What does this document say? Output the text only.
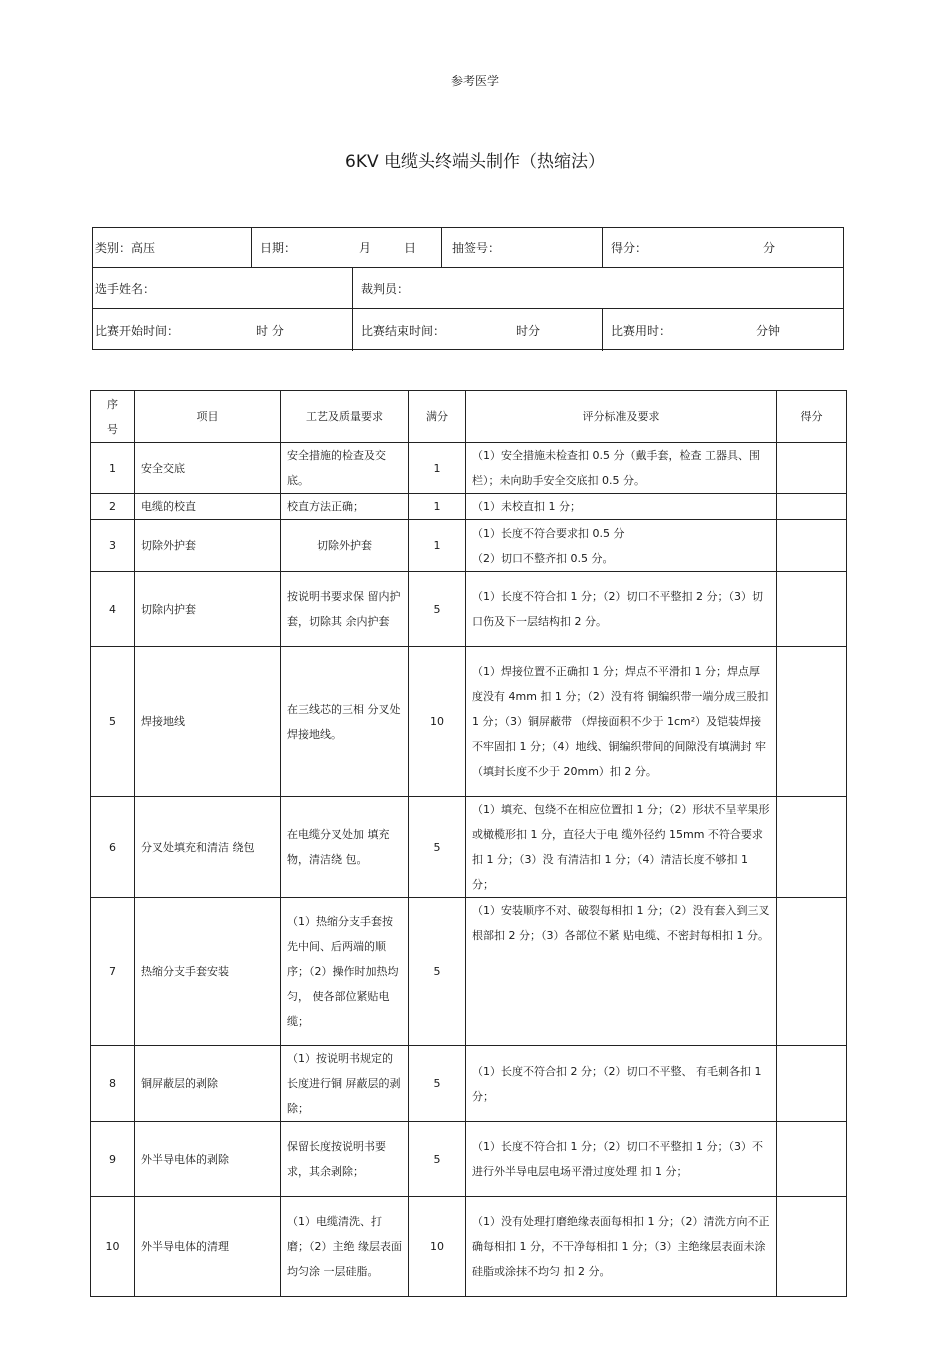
参考医学
6KV 电缆头终端头制作（热缩法）
类别：高压	日期：	月	日	抽签号：	得分：	分
选手姓名：	裁判员：
比赛开始时间：	时 分	比赛结束时间：	时分	比赛用时：	分钟
序号	项目	工艺及质量要求	满分	评分标准及要求	得分
1	安全交底	安全措施的检查及交底。	1	（1）安全措施未检查扣 0.5 分（戴手套，检查 工器具、围栏）；未向助手安全交底扣 0.5 分。	
2	电缆的校直	校直方法正确；	1	（1）未校直扣 1 分；	
3	切除外护套	切除外护套	1	（1）长度不符合要求扣 0.5 分
（2）切口不整齐扣 0.5 分。	
4	切除内护套	按说明书要求保 留内护套，切除其 余内护套	5	（1）长度不符合扣 1 分；（2）切口不平整扣 2 分；（3）切口伤及下一层结构扣 2 分。	
5	焊接地线	在三线芯的三相 分叉处焊接地线。	10	（1）焊接位置不正确扣 1 分；焊点不平滑扣 1 分；焊点厚度没有 4mm 扣 1 分；（2）没有将 铜编织带一端分成三股扣 1 分；（3）铜屏蔽带 （焊接面积不少于 1cm²）及铠装焊接不牢固扣 1 分；（4）地线、铜编织带间的间隙没有填满封 牢（填封长度不少于 20mm）扣 2 分。	
6	分叉处填充和清洁 绕包	在电缆分叉处加 填充物，清洁绕 包。	5	（1）填充、包绕不在相应位置扣 1 分；（2）形状不呈苹果形或橄榄形扣 1 分，直径大于电 缆外径约 15mm 不符合要求扣 1 分；（3）没 有清洁扣 1 分；（4）清洁长度不够扣 1 分；	
7	热缩分支手套安装	（1）热缩分支手套按先中间、后两端的顺序；（2）操作时加热均匀， 使各部位紧贴电 缆；	5	（1）安装顺序不对、破裂每相扣 1 分；（2）没有套入到三叉根部扣 2 分；（3）各部位不紧 贴电缆、不密封每相扣 1 分。	
8	铜屏蔽层的剥除	（1）按说明书规定的长度进行铜 屏蔽层的剥除；	5	（1）长度不符合扣 2 分；（2）切口不平整、 有毛刺各扣 1 分；	
9	外半导电体的剥除	保留长度按说明书要求，其余剥除；	5	（1）长度不符合扣 1 分；（2）切口不平整扣 1 分；（3）不进行外半导电层电场平滑过度处理 扣 1 分；	
10	外半导电体的清理	（1）电缆清洗、打磨；（2）主绝 缘层表面均匀涂 一层硅脂。	10	（1）没有处理打磨绝缘表面每相扣 1 分；（2）清洗方向不正确每相扣 1 分，不干净每相扣 1 分；（3）主绝缘层表面未涂硅脂或涂抹不均匀 扣 2 分。	
